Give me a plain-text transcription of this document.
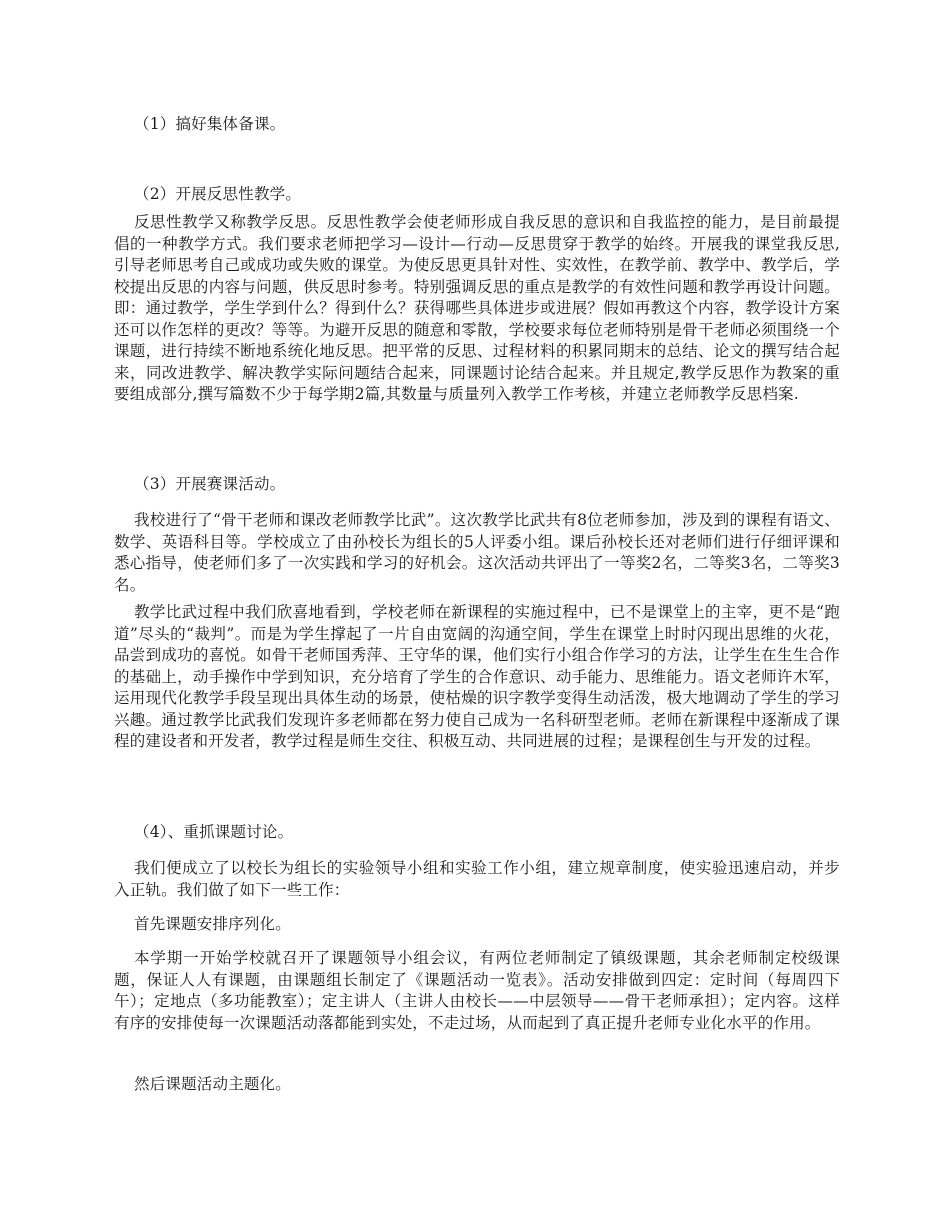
（1）搞好集体备课。

（2）开展反思性教学。

反思性教学又称教学反思。反思性教学会使老师形成自我反思的意识和自我监控的能力，是目前最提倡的一种教学方式。我们要求老师把学习—设计—行动—反思贯穿于教学的始终。开展我的课堂我反思,引导老师思考自己或成功或失败的课堂。为使反思更具针对性、实效性，在教学前、教学中、教学后，学校提出反思的内容与问题，供反思时参考。特别强调反思的重点是教学的有效性问题和教学再设计问题。即：通过教学，学生学到什么？得到什么？获得哪些具体进步或进展？假如再教这个内容，教学设计方案还可以作怎样的更改？等等。为避开反思的随意和零散，学校要求每位老师特别是骨干老师必须围绕一个课题，进行持续不断地系统化地反思。把平常的反思、过程材料的积累同期末的总结、论文的撰写结合起来，同改进教学、解决教学实际问题结合起来，同课题讨论结合起来。并且规定,教学反思作为教案的重要组成部分,撰写篇数不少于每学期2篇,其数量与质量列入教学工作考核，并建立老师教学反思档案.

（3）开展赛课活动。

我校进行了“骨干老师和课改老师教学比武”。这次教学比武共有8位老师参加，涉及到的课程有语文、数学、英语科目等。学校成立了由孙校长为组长的5人评委小组。课后孙校长还对老师们进行仔细评课和悉心指导，使老师们多了一次实践和学习的好机会。这次活动共评出了一等奖2名，二等奖3名，二等奖3名。

教学比武过程中我们欣喜地看到，学校老师在新课程的实施过程中，已不是课堂上的主宰，更不是“跑道”尽头的“裁判”。而是为学生撑起了一片自由宽阔的沟通空间，学生在课堂上时时闪现出思维的火花，品尝到成功的喜悦。如骨干老师国秀萍、王守华的课，他们实行小组合作学习的方法，让学生在生生合作的基础上，动手操作中学到知识，充分培育了学生的合作意识、动手能力、思维能力。语文老师许木军，运用现代化教学手段呈现出具体生动的场景，使枯燥的识字教学变得生动活泼，极大地调动了学生的学习兴趣。通过教学比武我们发现许多老师都在努力使自己成为一名科研型老师。老师在新课程中逐渐成了课程的建设者和开发者，教学过程是师生交往、积极互动、共同进展的过程；是课程创生与开发的过程。

（4）、重抓课题讨论。

我们便成立了以校长为组长的实验领导小组和实验工作小组，建立规章制度，使实验迅速启动，并步入正轨。我们做了如下一些工作：

首先课题安排序列化。

本学期一开始学校就召开了课题领导小组会议，有两位老师制定了镇级课题，其余老师制定校级课题，保证人人有课题，由课题组长制定了《课题活动一览表》。活动安排做到四定：定时间（每周四下午）；定地点（多功能教室）；定主讲人（主讲人由校长——中层领导——骨干老师承担）；定内容。这样有序的安排使每一次课题活动落都能到实处，不走过场，从而起到了真正提升老师专业化水平的作用。

然后课题活动主题化。
